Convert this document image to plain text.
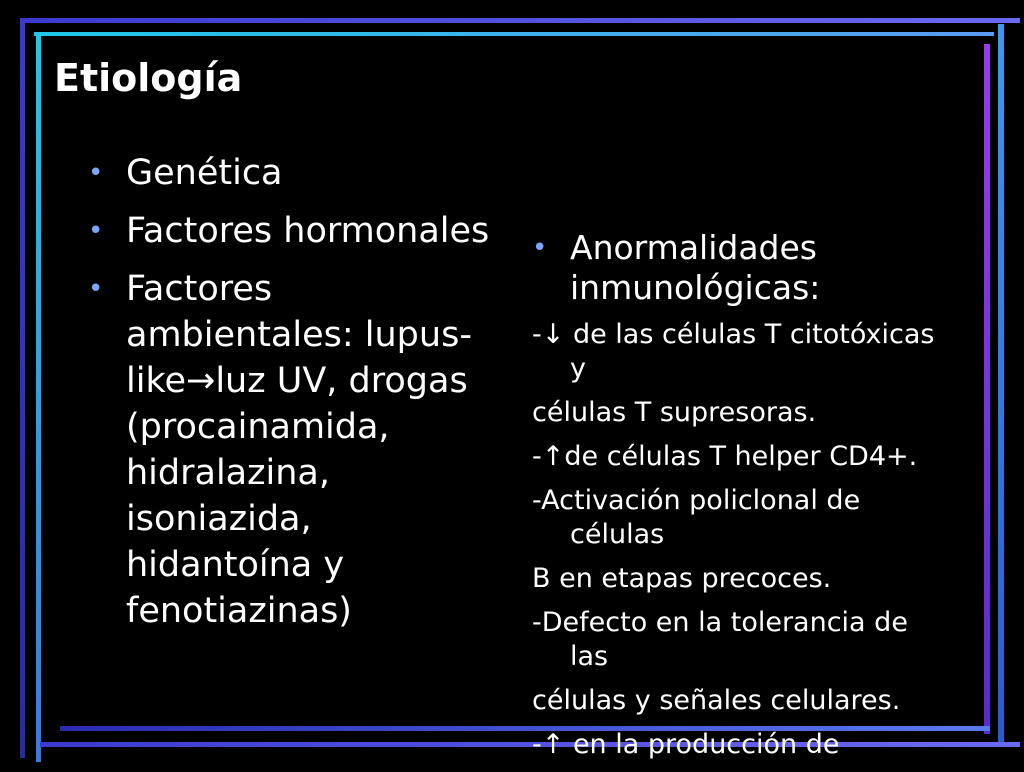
Etiología
• Genética
• Factores hormonales
• Factores ambientales: lupus-like→luz UV, drogas (procainamida, hidralazina, isoniazida, hidantoína y fenotiazinas)
• Anormalidades inmunológicas:
-↓ de las células T citotóxicas
y
células T supresoras.
-↑de células T helper CD4+.
-Activación policlonal de
células
B en etapas precoces.
-Defecto en la tolerancia de
las
células y señales celulares.
-↑ en la producción de
